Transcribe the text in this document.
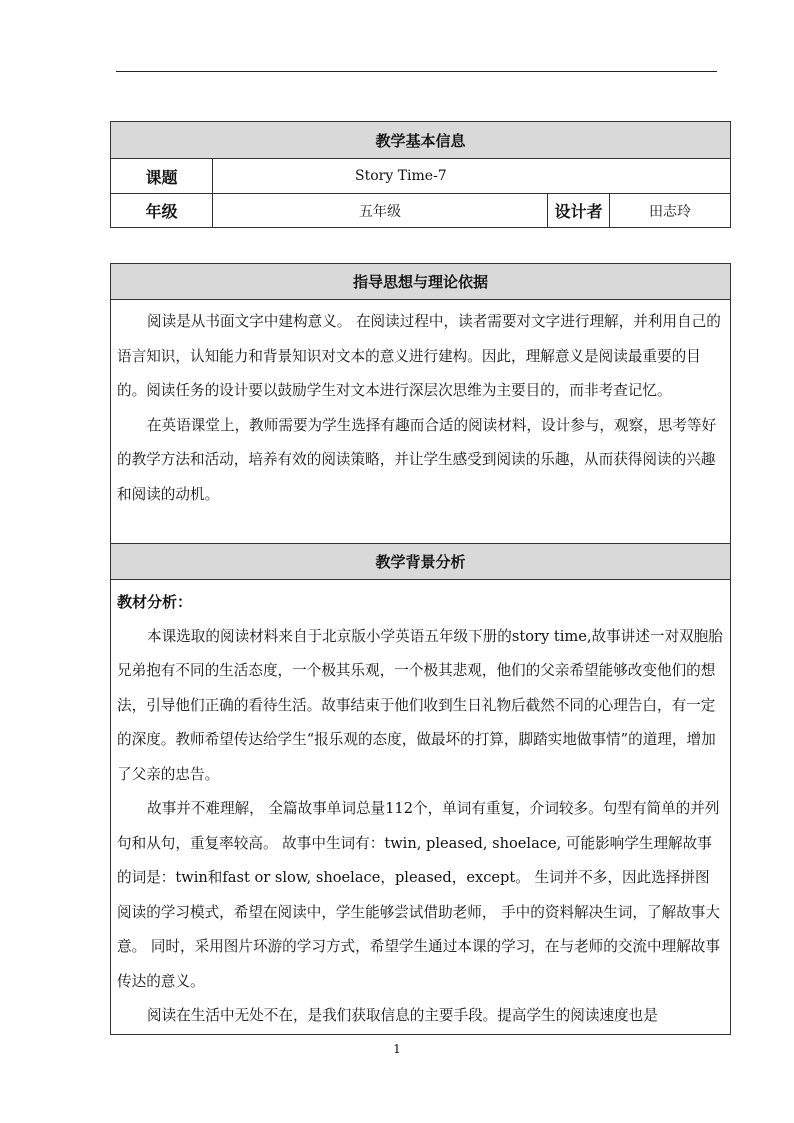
教学基本信息			
课题	Story Time-7		
年级	五年级	设计者	田志玲
指导思想与理论依据

阅读是从书面文字中建构意义。 在阅读过程中，读者需要对文字进行理解，并利用自己的语言知识，认知能力和背景知识对文本的意义进行建构。因此，理解意义是阅读最重要的目的。阅读任务的设计要以鼓励学生对文本进行深层次思维为主要目的，而非考查记忆。

在英语课堂上，教师需要为学生选择有趣而合适的阅读材料，设计参与，观察，思考等好的教学方法和活动，培养有效的阅读策略，并让学生感受到阅读的乐趣，从而获得阅读的兴趣和阅读的动机。

教学背景分析

教材分析：

本课选取的阅读材料来自于北京版小学英语五年级下册的story time,故事讲述一对双胞胎兄弟抱有不同的生活态度，一个极其乐观，一个极其悲观，他们的父亲希望能够改变他们的想法，引导他们正确的看待生活。故事结束于他们收到生日礼物后截然不同的心理告白，有一定的深度。教师希望传达给学生“报乐观的态度，做最坏的打算，脚踏实地做事情”的道理，增加了父亲的忠告。

故事并不难理解， 全篇故事单词总量112个，单词有重复，介词较多。句型有简单的并列句和从句，重复率较高。 故事中生词有：twin, pleased, shoelace, 可能影响学生理解故事的词是：twin和fast or slow, shoelace，pleased，except。 生词并不多，因此选择拼图阅读的学习模式，希望在阅读中，学生能够尝试借助老师， 手中的资料解决生词，了解故事大意。 同时，采用图片环游的学习方式，希望学生通过本课的学习，在与老师的交流中理解故事传达的意义。

阅读在生活中无处不在，是我们获取信息的主要手段。提高学生的阅读速度也是

1
